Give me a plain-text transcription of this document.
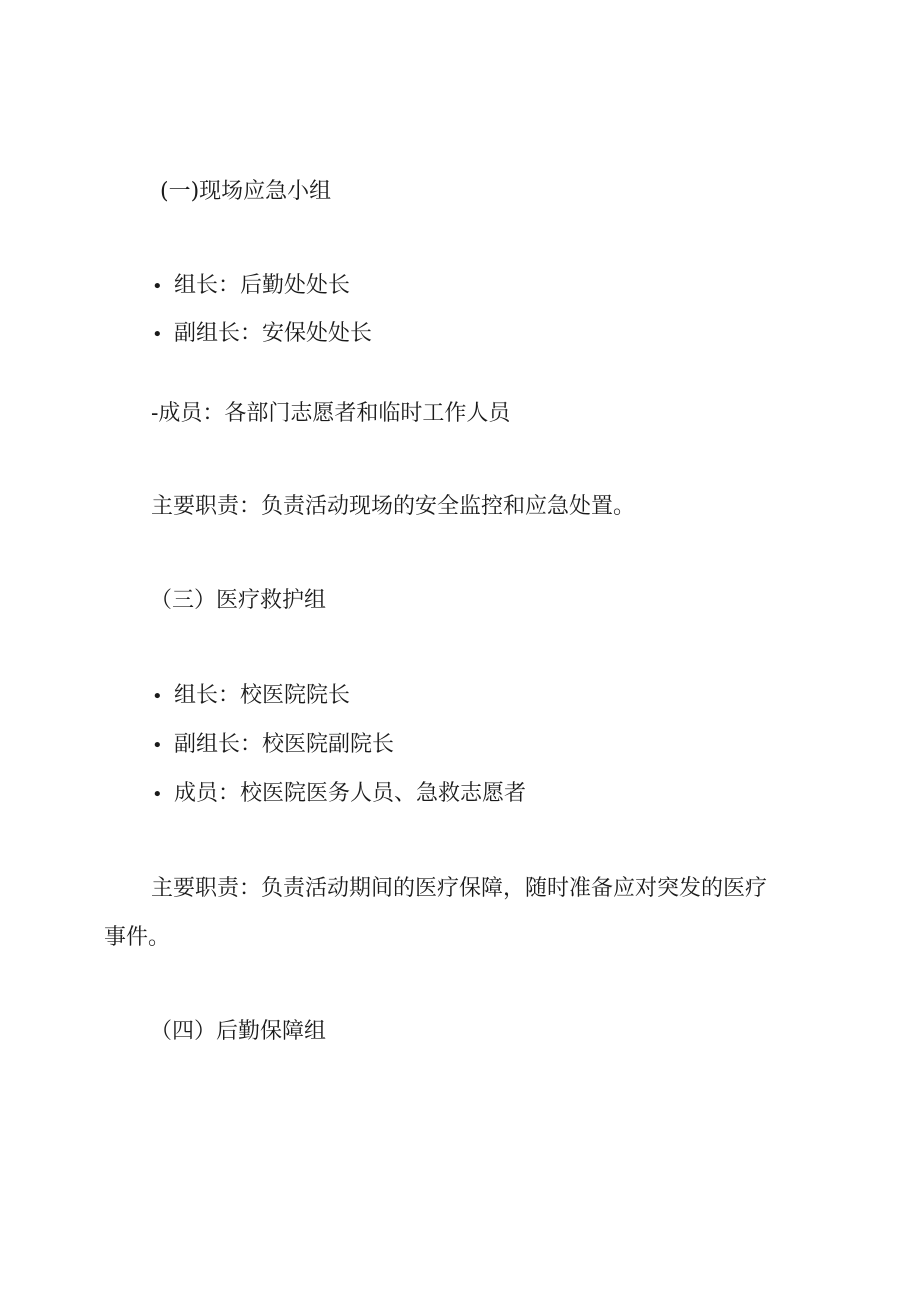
(一)现场应急小组
• 组长：后勤处处长
• 副组长：安保处处长
-成员：各部门志愿者和临时工作人员
主要职责：负责活动现场的安全监控和应急处置。
（三）医疗救护组
• 组长：校医院院长
• 副组长：校医院副院长
• 成员：校医院医务人员、急救志愿者
主要职责：负责活动期间的医疗保障，随时准备应对突发的医疗
事件。
（四）后勤保障组
